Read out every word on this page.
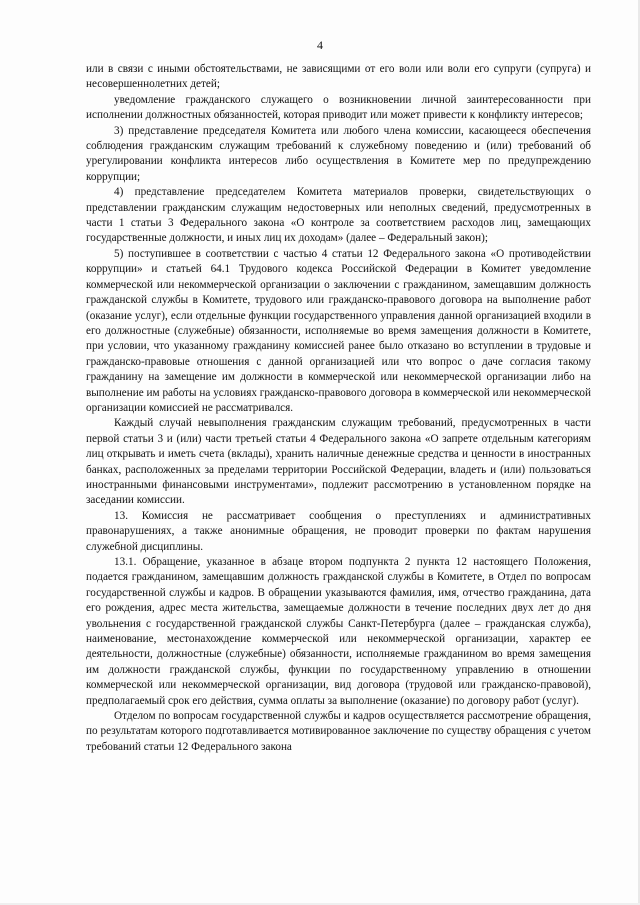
4

или в связи с иными обстоятельствами, не зависящими от его воли или воли его супруги (супруга) и несовершеннолетних детей;

уведомление гражданского служащего о возникновении личной заинтересованности при исполнении должностных обязанностей, которая приводит или может привести к конфликту интересов;

3) представление председателя Комитета или любого члена комиссии, касающееся обеспечения соблюдения гражданским служащим требований к служебному поведению и (или) требований об урегулировании конфликта интересов либо осуществления в Комитете мер по предупреждению коррупции;

4) представление председателем Комитета материалов проверки, свидетельствующих о представлении гражданским служащим недостоверных или неполных сведений, предусмотренных в части 1 статьи 3 Федерального закона «О контроле за соответствием расходов лиц, замещающих государственные должности, и иных лиц их доходам» (далее – Федеральный закон);

5) поступившее в соответствии с частью 4 статьи 12 Федерального закона «О противодействии коррупции» и статьей 64.1 Трудового кодекса Российской Федерации в Комитет уведомление коммерческой или некоммерческой организации о заключении с гражданином, замещавшим должность гражданской службы в Комитете, трудового или гражданско-правового договора на выполнение работ (оказание услуг), если отдельные функции государственного управления данной организацией входили в его должностные (служебные) обязанности, исполняемые во время замещения должности в Комитете, при условии, что указанному гражданину комиссией ранее было отказано во вступлении в трудовые и гражданско-правовые отношения с данной организацией или что вопрос о даче согласия такому гражданину на замещение им должности в коммерческой или некоммерческой организации либо на выполнение им работы на условиях гражданско-правового договора в коммерческой или некоммерческой организации комиссией не рассматривался.

Каждый случай невыполнения гражданским служащим требований, предусмотренных в части первой статьи 3 и (или) части третьей статьи 4 Федерального закона «О запрете отдельным категориям лиц открывать и иметь счета (вклады), хранить наличные денежные средства и ценности в иностранных банках, расположенных за пределами территории Российской Федерации, владеть и (или) пользоваться иностранными финансовыми инструментами», подлежит рассмотрению в установленном порядке на заседании комиссии.

13. Комиссия не рассматривает сообщения о преступлениях и административных правонарушениях, а также анонимные обращения, не проводит проверки по фактам нарушения служебной дисциплины.

13.1. Обращение, указанное в абзаце втором подпункта 2 пункта 12 настоящего Положения, подается гражданином, замещавшим должность гражданской службы в Комитете, в Отдел по вопросам государственной службы и кадров. В обращении указываются фамилия, имя, отчество гражданина, дата его рождения, адрес места жительства, замещаемые должности в течение последних двух лет до дня увольнения с государственной гражданской службы Санкт-Петербурга (далее – гражданская служба), наименование, местонахождение коммерческой или некоммерческой организации, характер ее деятельности, должностные (служебные) обязанности, исполняемые гражданином во время замещения им должности гражданской службы, функции по государственному управлению в отношении коммерческой или некоммерческой организации, вид договора (трудовой или гражданско-правовой), предполагаемый срок его действия, сумма оплаты за выполнение (оказание) по договору работ (услуг).

Отделом по вопросам государственной службы и кадров осуществляется рассмотрение обращения, по результатам которого подготавливается мотивированное заключение по существу обращения с учетом требований статьи 12 Федерального закона
